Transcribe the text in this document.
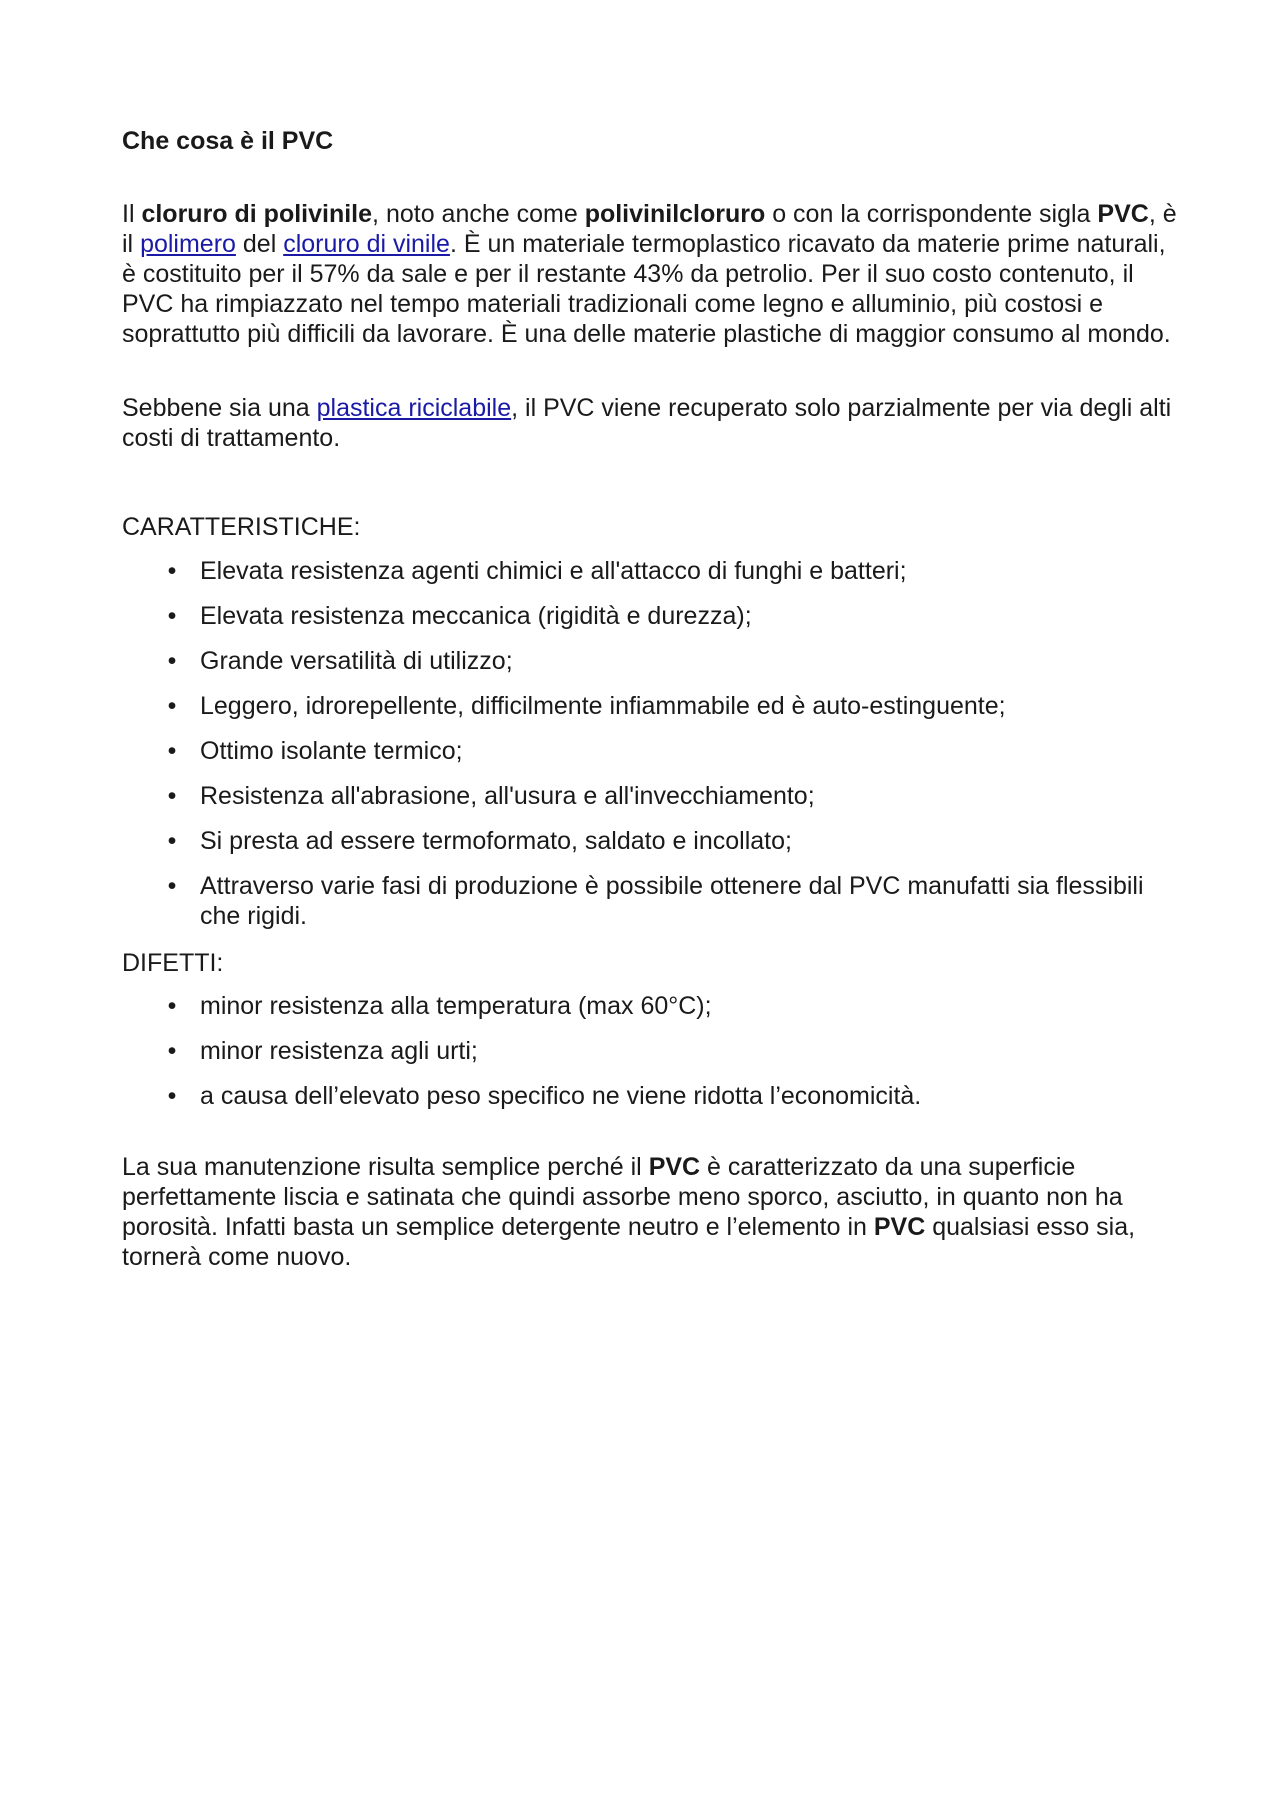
Che cosa è il PVC

Il cloruro di polivinile, noto anche come polivinilcloruro o con la corrispondente sigla PVC, è il polimero del cloruro di vinile. È un materiale termoplastico ricavato da materie prime naturali, è costituito per il 57% da sale e per il restante 43% da petrolio. Per il suo costo contenuto, il PVC ha rimpiazzato nel tempo materiali tradizionali come legno e alluminio, più costosi e soprattutto più difficili da lavorare. È una delle materie plastiche di maggior consumo al mondo.

Sebbene sia una plastica riciclabile, il PVC viene recuperato solo parzialmente per via degli alti costi di trattamento.

CARATTERISTICHE:

• Elevata resistenza agenti chimici e all'attacco di funghi e batteri;
• Elevata resistenza meccanica (rigidità e durezza);
• Grande versatilità di utilizzo;
• Leggero, idrorepellente, difficilmente infiammabile ed è auto-estinguente;
• Ottimo isolante termico;
• Resistenza all'abrasione, all'usura e all'invecchiamento;
• Si presta ad essere termoformato, saldato e incollato;
• Attraverso varie fasi di produzione è possibile ottenere dal PVC manufatti sia flessibili che rigidi.

DIFETTI:

• minor resistenza alla temperatura (max 60°C);
• minor resistenza agli urti;
• a causa dell’elevato peso specifico ne viene ridotta l’economicità.

La sua manutenzione risulta semplice perché il PVC è caratterizzato da una superficie perfettamente liscia e satinata che quindi assorbe meno sporco, asciutto, in quanto non ha porosità. Infatti basta un semplice detergente neutro e l’elemento in PVC qualsiasi esso sia, tornerà come nuovo.
